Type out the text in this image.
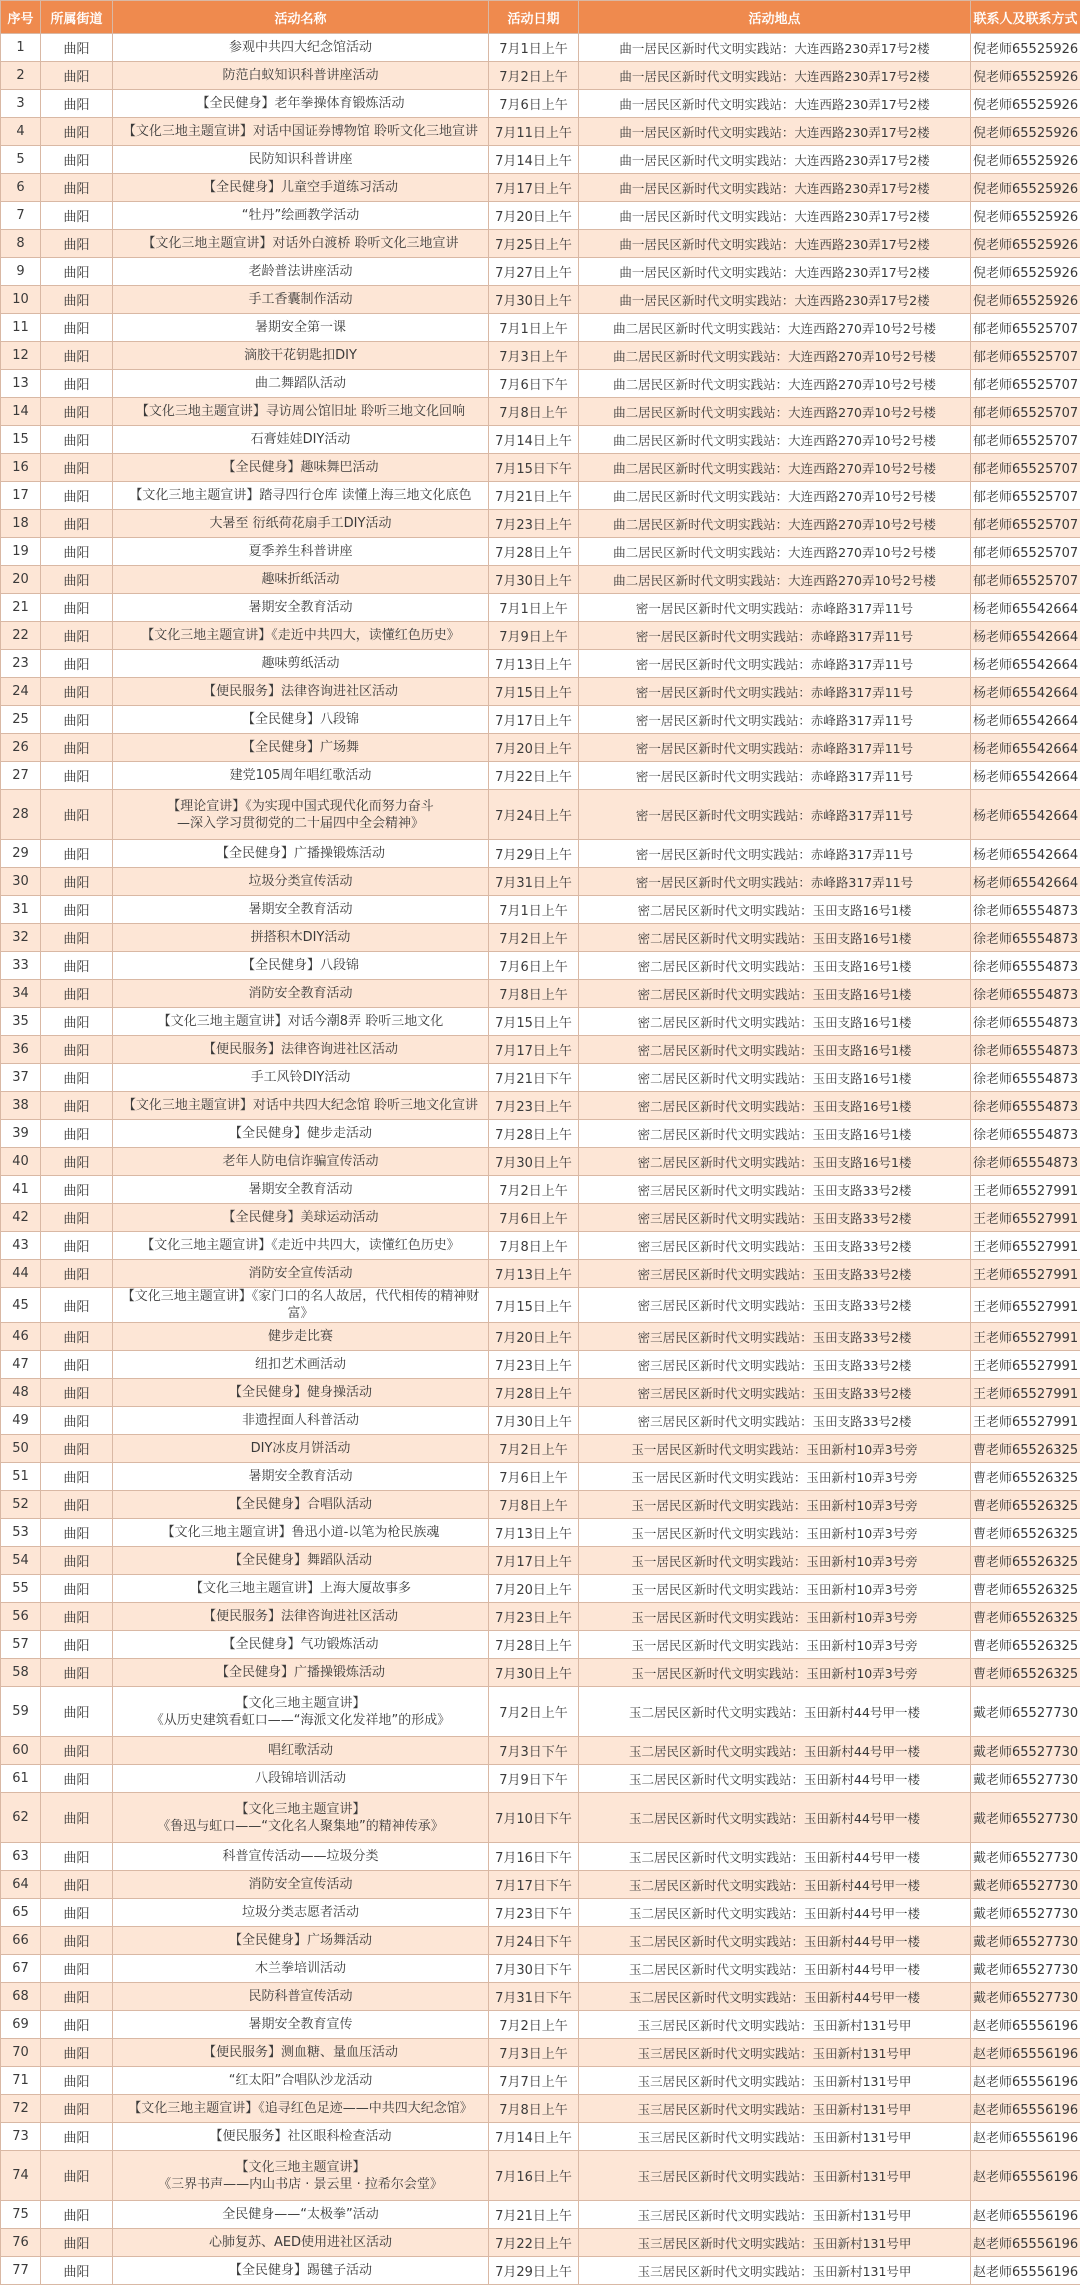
序号	所属街道	活动名称	活动日期	活动地点	联系人及联系方式
1	曲阳	参观中共四大纪念馆活动	7月1日上午	曲一居民区新时代文明实践站：大连西路230弄17号2楼	倪老师65525926
2	曲阳	防范白蚁知识科普讲座活动	7月2日上午	曲一居民区新时代文明实践站：大连西路230弄17号2楼	倪老师65525926
3	曲阳	【全民健身】老年拳操体育锻炼活动	7月6日上午	曲一居民区新时代文明实践站：大连西路230弄17号2楼	倪老师65525926
4	曲阳	【文化三地主题宣讲】对话中国证券博物馆 聆听文化三地宣讲	7月11日上午	曲一居民区新时代文明实践站：大连西路230弄17号2楼	倪老师65525926
5	曲阳	民防知识科普讲座	7月14日上午	曲一居民区新时代文明实践站：大连西路230弄17号2楼	倪老师65525926
6	曲阳	【全民健身】儿童空手道练习活动	7月17日上午	曲一居民区新时代文明实践站：大连西路230弄17号2楼	倪老师65525926
7	曲阳	“牡丹”绘画教学活动	7月20日上午	曲一居民区新时代文明实践站：大连西路230弄17号2楼	倪老师65525926
8	曲阳	【文化三地主题宣讲】对话外白渡桥 聆听文化三地宣讲	7月25日上午	曲一居民区新时代文明实践站：大连西路230弄17号2楼	倪老师65525926
9	曲阳	老龄普法讲座活动	7月27日上午	曲一居民区新时代文明实践站：大连西路230弄17号2楼	倪老师65525926
10	曲阳	手工香囊制作活动	7月30日上午	曲一居民区新时代文明实践站：大连西路230弄17号2楼	倪老师65525926
11	曲阳	暑期安全第一课	7月1日上午	曲二居民区新时代文明实践站：大连西路270弄10号2号楼	郁老师65525707
12	曲阳	滴胶干花钥匙扣DIY	7月3日上午	曲二居民区新时代文明实践站：大连西路270弄10号2号楼	郁老师65525707
13	曲阳	曲二舞蹈队活动	7月6日下午	曲二居民区新时代文明实践站：大连西路270弄10号2号楼	郁老师65525707
14	曲阳	【文化三地主题宣讲】寻访周公馆旧址 聆听三地文化回响	7月8日上午	曲二居民区新时代文明实践站：大连西路270弄10号2号楼	郁老师65525707
15	曲阳	石膏娃娃DIY活动	7月14日上午	曲二居民区新时代文明实践站：大连西路270弄10号2号楼	郁老师65525707
16	曲阳	【全民健身】趣味舞巴活动	7月15日下午	曲二居民区新时代文明实践站：大连西路270弄10号2号楼	郁老师65525707
17	曲阳	【文化三地主题宣讲】踏寻四行仓库 读懂上海三地文化底色	7月21日上午	曲二居民区新时代文明实践站：大连西路270弄10号2号楼	郁老师65525707
18	曲阳	大暑至 衍纸荷花扇手工DIY活动	7月23日上午	曲二居民区新时代文明实践站：大连西路270弄10号2号楼	郁老师65525707
19	曲阳	夏季养生科普讲座	7月28日上午	曲二居民区新时代文明实践站：大连西路270弄10号2号楼	郁老师65525707
20	曲阳	趣味折纸活动	7月30日上午	曲二居民区新时代文明实践站：大连西路270弄10号2号楼	郁老师65525707
21	曲阳	暑期安全教育活动	7月1日上午	密一居民区新时代文明实践站：赤峰路317弄11号	杨老师65542664
22	曲阳	【文化三地主题宣讲】《走近中共四大，读懂红色历史》	7月9日上午	密一居民区新时代文明实践站：赤峰路317弄11号	杨老师65542664
23	曲阳	趣味剪纸活动	7月13日上午	密一居民区新时代文明实践站：赤峰路317弄11号	杨老师65542664
24	曲阳	【便民服务】法律咨询进社区活动	7月15日上午	密一居民区新时代文明实践站：赤峰路317弄11号	杨老师65542664
25	曲阳	【全民健身】八段锦	7月17日上午	密一居民区新时代文明实践站：赤峰路317弄11号	杨老师65542664
26	曲阳	【全民健身】广场舞	7月20日上午	密一居民区新时代文明实践站：赤峰路317弄11号	杨老师65542664
27	曲阳	建党105周年唱红歌活动	7月22日上午	密一居民区新时代文明实践站：赤峰路317弄11号	杨老师65542664
28	曲阳	【理论宣讲】《为实现中国式现代化而努力奋斗
—深入学习贯彻党的二十届四中全会精神》	7月24日上午	密一居民区新时代文明实践站：赤峰路317弄11号	杨老师65542664
29	曲阳	【全民健身】广播操锻炼活动	7月29日上午	密一居民区新时代文明实践站：赤峰路317弄11号	杨老师65542664
30	曲阳	垃圾分类宣传活动	7月31日上午	密一居民区新时代文明实践站：赤峰路317弄11号	杨老师65542664
31	曲阳	暑期安全教育活动	7月1日上午	密二居民区新时代文明实践站：玉田支路16号1楼	徐老师65554873
32	曲阳	拼搭积木DIY活动	7月2日上午	密二居民区新时代文明实践站：玉田支路16号1楼	徐老师65554873
33	曲阳	【全民健身】八段锦	7月6日上午	密二居民区新时代文明实践站：玉田支路16号1楼	徐老师65554873
34	曲阳	消防安全教育活动	7月8日上午	密二居民区新时代文明实践站：玉田支路16号1楼	徐老师65554873
35	曲阳	【文化三地主题宣讲】对话今潮8弄 聆听三地文化	7月15日上午	密二居民区新时代文明实践站：玉田支路16号1楼	徐老师65554873
36	曲阳	【便民服务】法律咨询进社区活动	7月17日上午	密二居民区新时代文明实践站：玉田支路16号1楼	徐老师65554873
37	曲阳	手工风铃DIY活动	7月21日下午	密二居民区新时代文明实践站：玉田支路16号1楼	徐老师65554873
38	曲阳	【文化三地主题宣讲】对话中共四大纪念馆 聆听三地文化宣讲	7月23日上午	密二居民区新时代文明实践站：玉田支路16号1楼	徐老师65554873
39	曲阳	【全民健身】健步走活动	7月28日上午	密二居民区新时代文明实践站：玉田支路16号1楼	徐老师65554873
40	曲阳	老年人防电信诈骗宣传活动	7月30日上午	密二居民区新时代文明实践站：玉田支路16号1楼	徐老师65554873
41	曲阳	暑期安全教育活动	7月2日上午	密三居民区新时代文明实践站：玉田支路33号2楼	王老师65527991
42	曲阳	【全民健身】美球运动活动	7月6日上午	密三居民区新时代文明实践站：玉田支路33号2楼	王老师65527991
43	曲阳	【文化三地主题宣讲】《走近中共四大，读懂红色历史》	7月8日上午	密三居民区新时代文明实践站：玉田支路33号2楼	王老师65527991
44	曲阳	消防安全宣传活动	7月13日上午	密三居民区新时代文明实践站：玉田支路33号2楼	王老师65527991
45	曲阳	【文化三地主题宣讲】《家门口的名人故居，代代相传的精神财富》	7月15日上午	密三居民区新时代文明实践站：玉田支路33号2楼	王老师65527991
46	曲阳	健步走比赛	7月20日上午	密三居民区新时代文明实践站：玉田支路33号2楼	王老师65527991
47	曲阳	纽扣艺术画活动	7月23日上午	密三居民区新时代文明实践站：玉田支路33号2楼	王老师65527991
48	曲阳	【全民健身】健身操活动	7月28日上午	密三居民区新时代文明实践站：玉田支路33号2楼	王老师65527991
49	曲阳	非遗捏面人科普活动	7月30日上午	密三居民区新时代文明实践站：玉田支路33号2楼	王老师65527991
50	曲阳	DIY冰皮月饼活动	7月2日上午	玉一居民区新时代文明实践站：玉田新村10弄3号旁	曹老师65526325
51	曲阳	暑期安全教育活动	7月6日上午	玉一居民区新时代文明实践站：玉田新村10弄3号旁	曹老师65526325
52	曲阳	【全民健身】合唱队活动	7月8日上午	玉一居民区新时代文明实践站：玉田新村10弄3号旁	曹老师65526325
53	曲阳	【文化三地主题宣讲】鲁迅小道-以笔为枪民族魂	7月13日上午	玉一居民区新时代文明实践站：玉田新村10弄3号旁	曹老师65526325
54	曲阳	【全民健身】舞蹈队活动	7月17日上午	玉一居民区新时代文明实践站：玉田新村10弄3号旁	曹老师65526325
55	曲阳	【文化三地主题宣讲】上海大厦故事多	7月20日上午	玉一居民区新时代文明实践站：玉田新村10弄3号旁	曹老师65526325
56	曲阳	【便民服务】法律咨询进社区活动	7月23日上午	玉一居民区新时代文明实践站：玉田新村10弄3号旁	曹老师65526325
57	曲阳	【全民健身】气功锻炼活动	7月28日上午	玉一居民区新时代文明实践站：玉田新村10弄3号旁	曹老师65526325
58	曲阳	【全民健身】广播操锻炼活动	7月30日上午	玉一居民区新时代文明实践站：玉田新村10弄3号旁	曹老师65526325
59	曲阳	【文化三地主题宣讲】
《从历史建筑看虹口——“海派文化发祥地”的形成》	7月2日上午	玉二居民区新时代文明实践站：玉田新村44号甲一楼	戴老师65527730
60	曲阳	唱红歌活动	7月3日下午	玉二居民区新时代文明实践站：玉田新村44号甲一楼	戴老师65527730
61	曲阳	八段锦培训活动	7月9日下午	玉二居民区新时代文明实践站：玉田新村44号甲一楼	戴老师65527730
62	曲阳	【文化三地主题宣讲】
《鲁迅与虹口——“文化名人聚集地”的精神传承》	7月10日下午	玉二居民区新时代文明实践站：玉田新村44号甲一楼	戴老师65527730
63	曲阳	科普宣传活动——垃圾分类	7月16日下午	玉二居民区新时代文明实践站：玉田新村44号甲一楼	戴老师65527730
64	曲阳	消防安全宣传活动	7月17日下午	玉二居民区新时代文明实践站：玉田新村44号甲一楼	戴老师65527730
65	曲阳	垃圾分类志愿者活动	7月23日下午	玉二居民区新时代文明实践站：玉田新村44号甲一楼	戴老师65527730
66	曲阳	【全民健身】广场舞活动	7月24日下午	玉二居民区新时代文明实践站：玉田新村44号甲一楼	戴老师65527730
67	曲阳	木兰拳培训活动	7月30日下午	玉二居民区新时代文明实践站：玉田新村44号甲一楼	戴老师65527730
68	曲阳	民防科普宣传活动	7月31日下午	玉二居民区新时代文明实践站：玉田新村44号甲一楼	戴老师65527730
69	曲阳	暑期安全教育宣传	7月2日上午	玉三居民区新时代文明实践站：玉田新村131号甲	赵老师65556196
70	曲阳	【便民服务】测血糖、量血压活动	7月3日上午	玉三居民区新时代文明实践站：玉田新村131号甲	赵老师65556196
71	曲阳	“红太阳”合唱队沙龙活动	7月7日上午	玉三居民区新时代文明实践站：玉田新村131号甲	赵老师65556196
72	曲阳	【文化三地主题宣讲】《追寻红色足迹——中共四大纪念馆》	7月8日上午	玉三居民区新时代文明实践站：玉田新村131号甲	赵老师65556196
73	曲阳	【便民服务】社区眼科检查活动	7月14日上午	玉三居民区新时代文明实践站：玉田新村131号甲	赵老师65556196
74	曲阳	【文化三地主题宣讲】
《三界书声——内山书店 · 景云里 · 拉希尔会堂》	7月16日上午	玉三居民区新时代文明实践站：玉田新村131号甲	赵老师65556196
75	曲阳	全民健身——“太极拳”活动	7月21日上午	玉三居民区新时代文明实践站：玉田新村131号甲	赵老师65556196
76	曲阳	心肺复苏、AED使用进社区活动	7月22日上午	玉三居民区新时代文明实践站：玉田新村131号甲	赵老师65556196
77	曲阳	【全民健身】踢毽子活动	7月29日上午	玉三居民区新时代文明实践站：玉田新村131号甲	赵老师65556196
